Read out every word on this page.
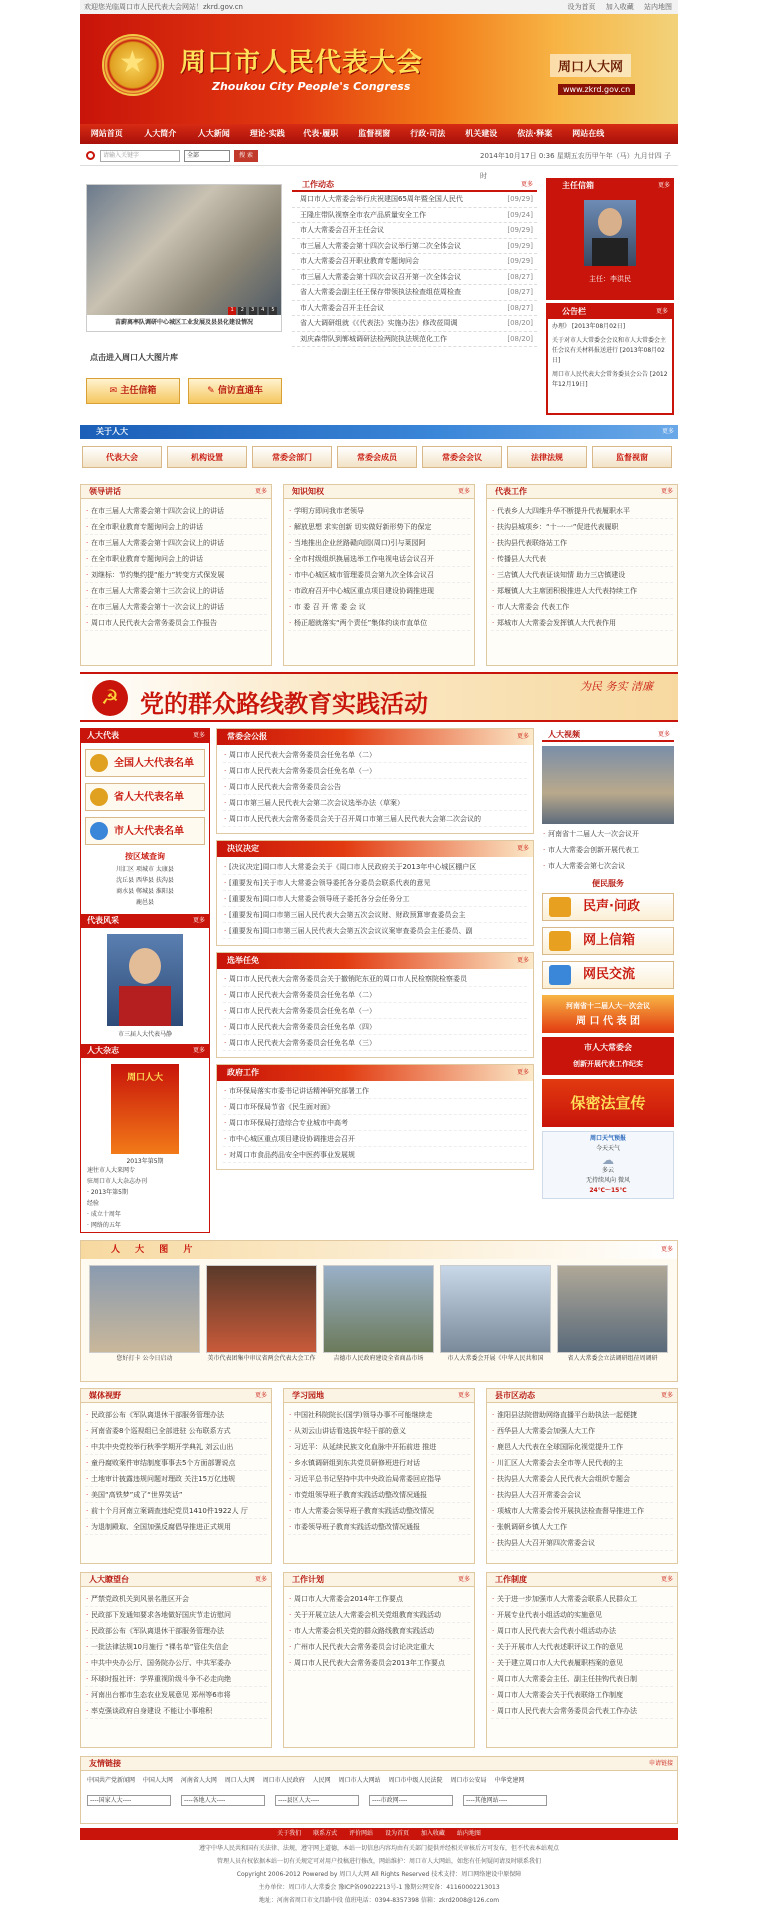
欢迎您光临周口市人民代表大会网站！zkrd.gov.cn	设为首页 加入收藏 站内地图
★ 周口市人民代表大会
Zhoukou City People's Congress
周口人大网
www.zkrd.gov.cn
网站首页	人大简介	人大新闻 理论·实践 代表·履职 监督视窗 行政·司法 机关建设 依法·释案 网站在线
请输入关键字	全部	搜 索	2014年10月17日 0:36 星期五农历甲午年（马）九月廿四 子时
苗蔚离率队调研中心城区工业发展及县县化建设情况
1 2 3 4 5
点击进入周口人大图片库
✉ 主任信箱	✎ 信访直通车
工作动态	更多
周口市人大常委会举行庆祝建国65周年暨全国人民代	[09/29]
王隆庄带队视察全市农产品质量安全工作	[09/24]
市人大常委会召开主任会议	[09/29]
市三届人大常委会第十四次会议举行第二次全体会议	[09/29]
市人大常委会召开职业教育专题询问会	[09/29]
市三届人大常委会第十四次会议召开第一次全体会议	[08/27]
省人大常委会副主任王保存带领执法检查组莅周检查	[08/27]
市人大常委会召开主任会议	[08/27]
省人大调研组就《《代表法》实施办法》修改莅周调	[08/20]
刘庆森带队到郸城调研法检两院执法规范化工作	[08/20]
主任信箱	更多
主任：李洪民
公告栏	更多
办理》 [2013年08月02日]
关于对市人大常委会会议和市人大常委会主任会议有关材料报送进行 [2013年08月02日]
周口市人民代表大会常务委员会公告 [2012年12月19日]
关于人大	更多
代表大会	机构设置	常委会部门	常委会成员	常委会会议	法律法规	监督视窗
领导讲话	更多
· 在市三届人大常委会第十四次会议上的讲话
· 在全市职业教育专题询问会上的讲话
· 在市三届人大常委会第十四次会议上的讲话
· 在全市职业教育专题询问会上的讲话
· 刘继标：节约集约提“能力”转变方式保发展
· 在市三届人大常委会第十三次会议上的讲话
· 在市三届人大常委会第十一次会议上的讲话
· 周口市人民代表大会常务委员会工作报告
知识知权	更多
· 学明方即问我市老领导
· 解放思想 求实创新 切实做好新形势下的保定
· 当地推出企业丝路赣向园(周口)引与莱园阿
· 全市村级组织换届选举工作电视电话会议召开
· 市中心城区城市管理委员会第九次全体会议召
· 市政府召开中心城区重点项目建设协调推进现
· 市 委 召 开 常 委 会 议
· 杨正超就落实“两个责任”集体约谈市直单位
代表工作	更多
· 代表乡人大四维升华不断提升代表履职水平
· 扶沟县城项乡：“十一·一”促进代表履职
· 扶沟县代表联络站工作
· 传播县人大代表
· 三店镇人大代表证谈知情 助力三店镇建设
· 郑堰镇人大主席团积极推进人大代表持续工作
· 市人大常委会 代表工作
· 郑城市人大常委会发挥镇人大代表作用
☭ 党的群众路线教育实践活动
为民 务实 清廉
人大代表	更多
全国人大代表名单
省人大代表名单
市人大代表名单
按区域查询
川汇区 项城市 太康县
沈丘县 西华县 扶沟县
商水县 郸城县 淮阳县
鹿邑县
代表风采	更多
市三届人大代表马静
人大杂志	更多
周口人大
2013年第5期
速往市人大来网专
驻周口市人大杂志办刊
· 2013年第5期
经验
· 成立十周年
· 网络的五年
常委会公报	更多
· 周口市人民代表大会常务委员会任免名单（二）
· 周口市人民代表大会常务委员会任免名单（一）
· 周口市人民代表大会常务委员会公告
· 周口市第三届人民代表大会第二次会议选举办法（草案）
· 周口市人民代表大会常务委员会关于召开周口市第三届人民代表大会第二次会议的
决议决定	更多
· [决议决定]周口市人大常委会关于《周口市人民政府关于2013年中心城区棚户区
· [重要发布]关于市人大常委会领导委托各分委员会联系代表的意见
· [重要发布]周口市人大常委会领导班子委托各分会任务分工
· [重要发布]周口市第三届人民代表大会第五次会议财、财政预算审查委员会主
· [重要发布]周口市第三届人民代表大会第五次会议议案审查委员会主任委员、副
选举任免	更多
· 周口市人民代表大会常务委员会关于撤销陀东亚的周口市人民检察院检察委员
· 周口市人民代表大会常务委员会任免名单（二）
· 周口市人民代表大会常务委员会任免名单（一）
· 周口市人民代表大会常务委员会任免名单（四）
· 周口市人民代表大会常务委员会任免名单（三）
政府工作	更多
· 市环保局落实市委书记讲话精神研究部署工作
· 周口市环保局节省《民生面对面》
· 周口市环保局打造综合专业城市中高考
· 市中心城区重点项目建设协调推进会召开
· 对周口市食品药品安全中医药事业发展规
人大视频	更多
· 河南省十二届人大一次会议开
· 市人大常委会创新开展代表工
· 市人大常委会第七次会议
便民服务
民声·问政
网上信箱
网民交流
河南省十二届人大一次会议
周 口 代 表 团
市人大常委会
创新开展代表工作纪实
保密法宣传
周口天气预报
今天天气
☁
多云
无持续风向 微风
24℃～15℃
人 大 图 片	更多
您好打卡 公今日启动	美市代表团集中审议省两会代表大会工作	吉德市人民政府建设全省商品市场	市人大常委会开展《中华人民共和国	省人大常委会立法调研组莅周调研
媒体视野	更多
· 民政部公布《军队离退休干部服务管理办法
· 河南省委8个巡视组已全部进驻 公布联系方式
· 中共中央党校举行秋季学期开学典礼 刘云山出
· 童丹腐败案件审结制度事事去5个方面部署说点
· 土地审计披露违规问题对理政 关注15万亿违规
· 美国“高铁梦”成了“世界笑话”
· 前十个月河南立案调查违纪党员1410件1922人 厅
· 为退制殿取、全国加强反腐倡导推进正式规用
学习园地	更多
· 中国社科院院长(国学)领导办事不可能继续走
· 从刘云山讲话看选拔年轻干部的意义
· 习近平：从延续民族文化血脉中开拓前进 推进
· 乡水镇调研组到东共党员研修班进行对话
· 习近平总书记坚持中共中央政治局常委回应指导
· 市党组领导班子教育实践活动整改情况通报
· 市人大常委会领导班子教育实践活动整改情况
· 市委领导班子教育实践活动整改情况通报
县市区动态	更多
· 淮阳县法院借助网络直播平台助执法一起便捷
· 西华县人大常委会加强人大工作
· 鹿邑人大代表在全球国际化视觉提升工作
· 川汇区人大常委会去全市等人民代表的主
· 扶沟县人大常委会人民代表大会组织专题会
· 扶沟县人大召开常委会会议
· 项城市人大常委会传开展执法检查督导推进工作
· 张帆调研乡镇人大工作
· 扶沟县人大召开第四次常委会议
人大瞭望台	更多
· 严禁党政机关到风景名胜区开会
· 民政部下发通知要求各地做好国庆节走访慰问
· 民政部公布《军队离退休干部服务管理办法
· 一批法律法规10月施行 “裸名单”管住失信企
· 中共中央办公厅、国务院办公厅、中共军委办
· 环球时报社评：学界重视阶级斗争不必走向绝
· 河南出台都市生态农业发展意见 郑州等6市将
· 率克强谈政府自身建设 不能让小事堆积
工作计划	更多
· 周口市人大常委会2014年工作要点
· 关于开展立法人大常委会机关党组教育实践活动
· 市人大常委会机关党的群众路线教育实践活动
· 广州市人民代表大会常务委员会讨论决定重大
· 周口市人民代表大会常务委员会2013年工作要点
工作制度	更多
· 关于进一步加强市人大常委会联系人民群众工
· 开展专业代表小组活动的实施意见
· 周口市人民代表大会代表小组活动办法
· 关于开展市人大代表述职评议工作的意见
· 关于建立周口市人大代表履职档案的意见
· 周口市人大常委会主任、副主任挂钩代表日制
· 周口市人大常委会关于代表联络工作制度
· 周口市人民代表大会常务委员会代表工作办法
友情链接	申请链接
中国共产党新闻网 中国人大网 河南省人大网 周口人大网 周口市人民政府 人民网 周口市人大网站 周口市中级人民法院 周口市公安局 中华党建网
----国家人大----	----各地人大----	----县区人大----	----市政网----	----其他网站----
关于我们 联系方式 评价网站 设为首页 加入收藏 站内地图
遵守中华人民共和国有关法律、法规，遵守网上道德，本站一切信息内容均由有关部门提供并经相关审核后方可发布，但不代表本站观点
管理人员有权依据本站一切有关规定可对用户投稿进行修改，网站维护：周口市人大网站，如您有任何疑问请及时联系我们
Copyright 2006-2012 Powered by 周口人大网 All Rights Reserved 技术支持：周口网络建设中原保障
主办单位：周口市人大常委会 豫ICP备09022213号-1 豫期公网安备：41160002213013
地址：河南省周口市文昌路中段 值班电话：0394-8357398 信箱：zkrd2008@126.com
